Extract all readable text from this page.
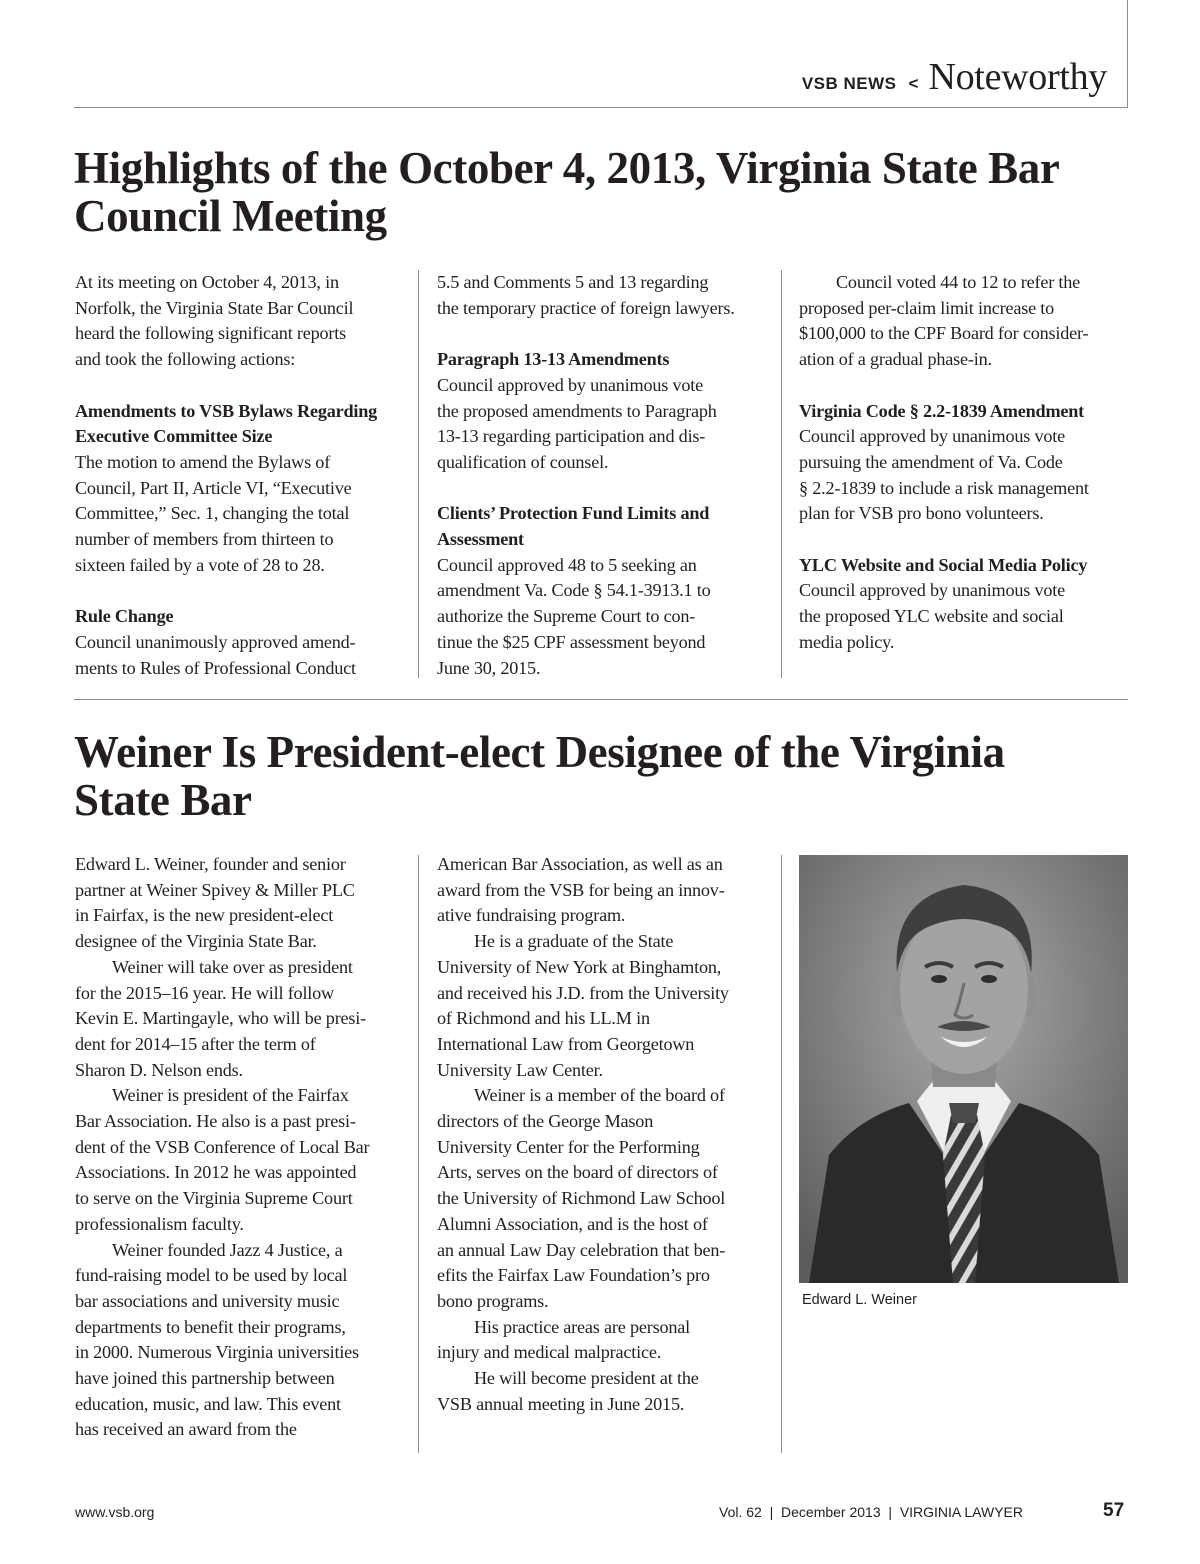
VSB NEWS < Noteworthy
Highlights of the October 4, 2013, Virginia State Bar
Council Meeting

At its meeting on October 4, 2013, in

Norfolk, the Virginia State Bar Council

heard the following significant reports

and took the following actions:

Amendments to VSB Bylaws Regarding

Executive Committee Size

The motion to amend the Bylaws of

Council, Part II, Article VI, “Executive

Committee,” Sec. 1, changing the total

number of members from thirteen to

sixteen failed by a vote of 28 to 28.

Rule Change

Council unanimously approved amend-

ments to Rules of Professional Conduct

5.5 and Comments 5 and 13 regarding

the temporary practice of foreign lawyers.

Paragraph 13-13 Amendments

Council approved by unanimous vote

the proposed amendments to Paragraph

13-13 regarding participation and dis-

qualification of counsel.

Clients’ Protection Fund Limits and

Assessment

Council approved 48 to 5 seeking an

amendment Va. Code § 54.1-3913.1 to

authorize the Supreme Court to con-

tinue the $25 CPF assessment beyond

June 30, 2015.

Council voted 44 to 12 to refer the

proposed per-claim limit increase to

$100,000 to the CPF Board for consider-

ation of a gradual phase-in.

Virginia Code § 2.2-1839 Amendment

Council approved by unanimous vote

pursuing the amendment of Va. Code

§ 2.2-1839 to include a risk management

plan for VSB pro bono volunteers.

YLC Website and Social Media Policy

Council approved by unanimous vote

the proposed YLC website and social

media policy.

Weiner Is President-elect Designee of the Virginia
State Bar

Edward L. Weiner, founder and senior

partner at Weiner Spivey & Miller PLC

in Fairfax, is the new president-elect

designee of the Virginia State Bar.

Weiner will take over as president

for the 2015–16 year. He will follow

Kevin E. Martingayle, who will be presi-

dent for 2014–15 after the term of

Sharon D. Nelson ends.

Weiner is president of the Fairfax

Bar Association. He also is a past presi-

dent of the VSB Conference of Local Bar

Associations. In 2012 he was appointed

to serve on the Virginia Supreme Court

professionalism faculty.

Weiner founded Jazz 4 Justice, a

fund-raising model to be used by local

bar associations and university music

departments to benefit their programs,

in 2000. Numerous Virginia universities

have joined this partnership between

education, music, and law. This event

has received an award from the

American Bar Association, as well as an

award from the VSB for being an innov-

ative fundraising program.

He is a graduate of the State

University of New York at Binghamton,

and received his J.D. from the University

of Richmond and his LL.M in

International Law from Georgetown

University Law Center.

Weiner is a member of the board of

directors of the George Mason

University Center for the Performing

Arts, serves on the board of directors of

the University of Richmond Law School

Alumni Association, and is the host of

an annual Law Day celebration that ben-

efits the Fairfax Law Foundation’s pro

bono programs.

His practice areas are personal

injury and medical malpractice.

He will become president at the

VSB annual meeting in June 2015.

Edward L. Weiner
www.vsb.org	Vol. 62  |  December 2013  |  VIRGINIA LAWYER	57
